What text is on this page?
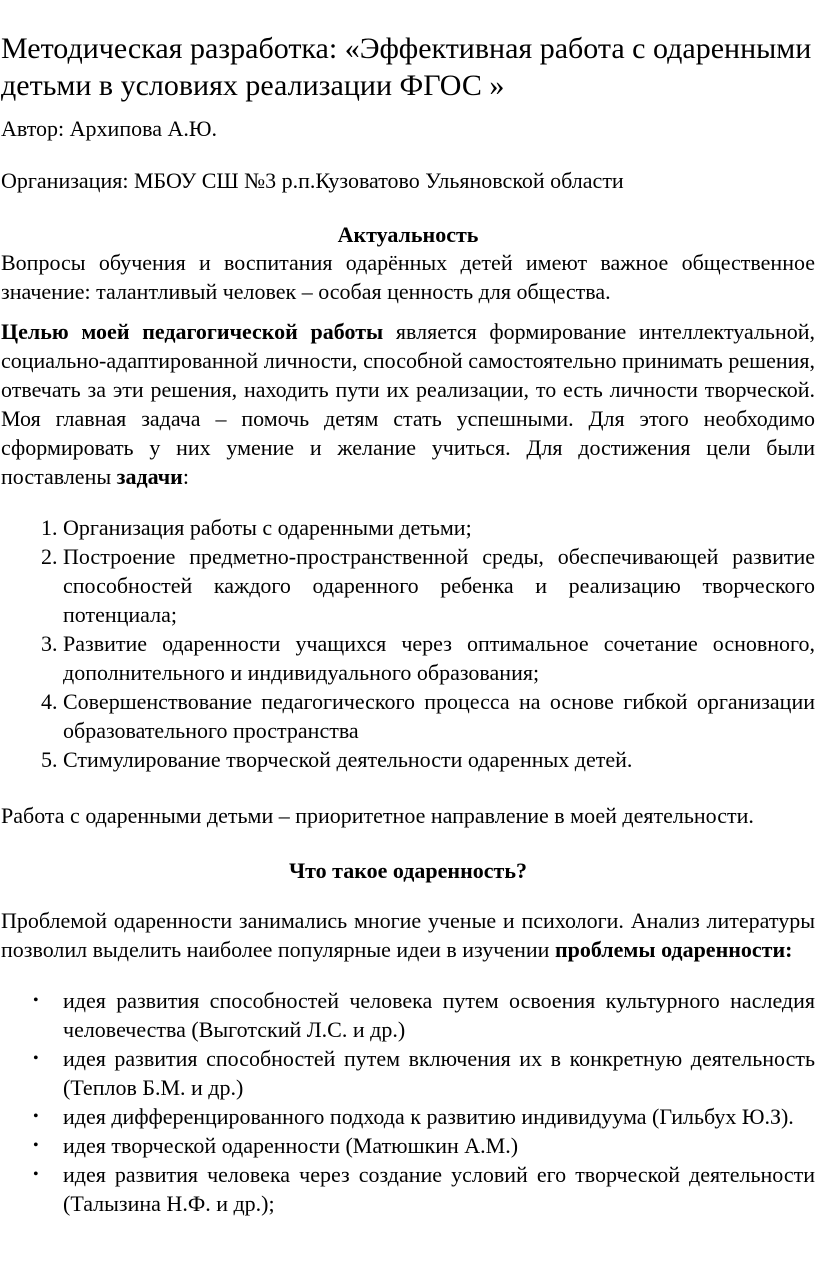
Методическая разработка: «Эффективная работа с одаренными детьми в условиях реализации ФГОС »

Автор: Архипова А.Ю.

Организация: МБОУ СШ №3 р.п.Кузоватово Ульяновской области

Актуальность

Вопросы обучения и воспитания одарённых детей имеют важное общественное значение: талантливый человек – особая ценность для общества.

Целью моей педагогической работы является формирование интеллектуальной, социально-адаптированной личности, способной самостоятельно принимать решения, отвечать за эти решения, находить пути их реализации, то есть личности творческой. Моя главная задача – помочь детям стать успешными. Для этого необходимо сформировать у них умение и желание учиться. Для достижения цели были поставлены задачи:

1. Организация работы с одаренными детьми;
2. Построение предметно-пространственной среды, обеспечивающей развитие способностей каждого одаренного ребенка и реализацию творческого потенциала;
3. Развитие одаренности учащихся через оптимальное сочетание основного, дополнительного и индивидуального образования;
4. Совершенствование педагогического процесса на основе гибкой организации образовательного пространства
5. Стимулирование творческой деятельности одаренных детей.

Работа с одаренными детьми – приоритетное направление в моей деятельности.

Что такое одаренность?

Проблемой одаренности занимались многие ученые и психологи. Анализ литературы позволил выделить наиболее популярные идеи в изучении проблемы одаренности:

• идея развития способностей человека путем освоения культурного наследия человечества (Выготский Л.С. и др.)
• идея развития способностей путем включения их в конкретную деятельность (Теплов Б.М. и др.)
• идея дифференцированного подхода к развитию индивидуума (Гильбух Ю.З).
• идея творческой одаренности (Матюшкин А.М.)
• идея развития человека через создание условий его творческой деятельности (Талызина Н.Ф. и др.);
